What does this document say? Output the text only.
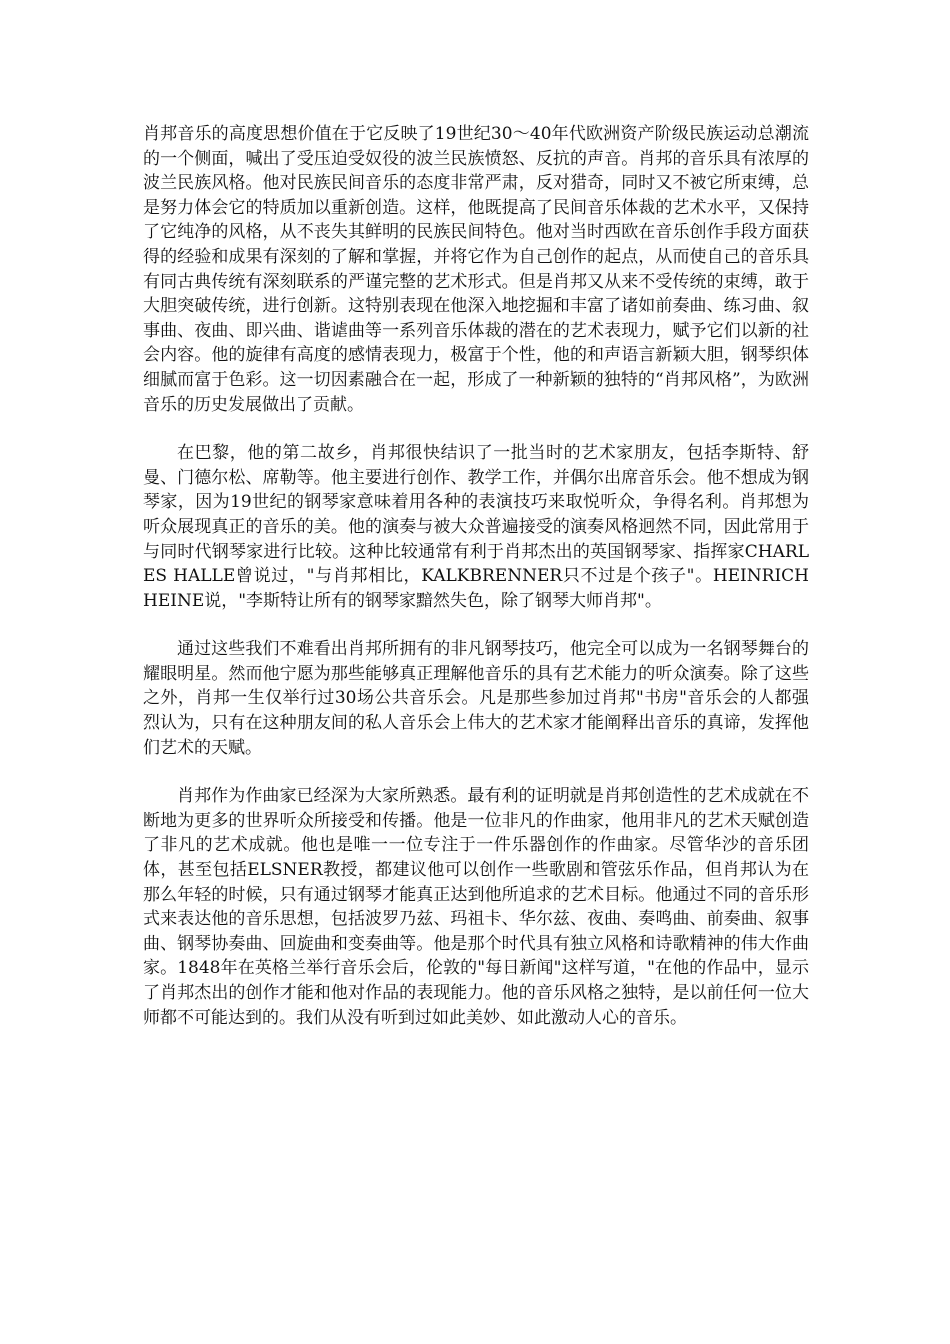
肖邦音乐的高度思想价值在于它反映了19世纪30～40年代欧洲资产阶级民族运动总潮流的一个侧面，喊出了受压迫受奴役的波兰民族愤怒、反抗的声音。肖邦的音乐具有浓厚的波兰民族风格。他对民族民间音乐的态度非常严肃，反对猎奇，同时又不被它所束缚，总是努力体会它的特质加以重新创造。这样，他既提高了民间音乐体裁的艺术水平，又保持了它纯净的风格，从不丧失其鲜明的民族民间特色。他对当时西欧在音乐创作手段方面获得的经验和成果有深刻的了解和掌握，并将它作为自己创作的起点，从而使自己的音乐具有同古典传统有深刻联系的严谨完整的艺术形式。但是肖邦又从来不受传统的束缚，敢于大胆突破传统，进行创新。这特别表现在他深入地挖掘和丰富了诸如前奏曲、练习曲、叙事曲、夜曲、即兴曲、谐谑曲等一系列音乐体裁的潜在的艺术表现力，赋予它们以新的社会内容。他的旋律有高度的感情表现力，极富于个性，他的和声语言新颖大胆，钢琴织体细腻而富于色彩。这一切因素融合在一起，形成了一种新颖的独特的“肖邦风格”，为欧洲音乐的历史发展做出了贡献。

在巴黎，他的第二故乡，肖邦很快结识了一批当时的艺术家朋友，包括李斯特、舒曼、门德尔松、席勒等。他主要进行创作、教学工作，并偶尔出席音乐会。他不想成为钢琴家，因为19世纪的钢琴家意味着用各种的表演技巧来取悦听众，争得名利。肖邦想为听众展现真正的音乐的美。他的演奏与被大众普遍接受的演奏风格迥然不同，因此常用于与同时代钢琴家进行比较。这种比较通常有利于肖邦杰出的英国钢琴家、指挥家CHARLES HALLE曾说过，"与肖邦相比，KALKBRENNER只不过是个孩子"。HEINRICH HEINE说，"李斯特让所有的钢琴家黯然失色，除了钢琴大师肖邦"。

通过这些我们不难看出肖邦所拥有的非凡钢琴技巧，他完全可以成为一名钢琴舞台的耀眼明星。然而他宁愿为那些能够真正理解他音乐的具有艺术能力的听众演奏。除了这些之外，肖邦一生仅举行过30场公共音乐会。凡是那些参加过肖邦"书房"音乐会的人都强烈认为，只有在这种朋友间的私人音乐会上伟大的艺术家才能阐释出音乐的真谛，发挥他们艺术的天赋。

肖邦作为作曲家已经深为大家所熟悉。最有利的证明就是肖邦创造性的艺术成就在不断地为更多的世界听众所接受和传播。他是一位非凡的作曲家，他用非凡的艺术天赋创造了非凡的艺术成就。他也是唯一一位专注于一件乐器创作的作曲家。尽管华沙的音乐团体，甚至包括ELSNER教授，都建议他可以创作一些歌剧和管弦乐作品，但肖邦认为在那么年轻的时候，只有通过钢琴才能真正达到他所追求的艺术目标。他通过不同的音乐形式来表达他的音乐思想，包括波罗乃兹、玛祖卡、华尔兹、夜曲、奏鸣曲、前奏曲、叙事曲、钢琴协奏曲、回旋曲和变奏曲等。他是那个时代具有独立风格和诗歌精神的伟大作曲家。1848年在英格兰举行音乐会后，伦敦的"每日新闻"这样写道，"在他的作品中，显示了肖邦杰出的创作才能和他对作品的表现能力。他的音乐风格之独特，是以前任何一位大师都不可能达到的。我们从没有听到过如此美妙、如此激动人心的音乐。
